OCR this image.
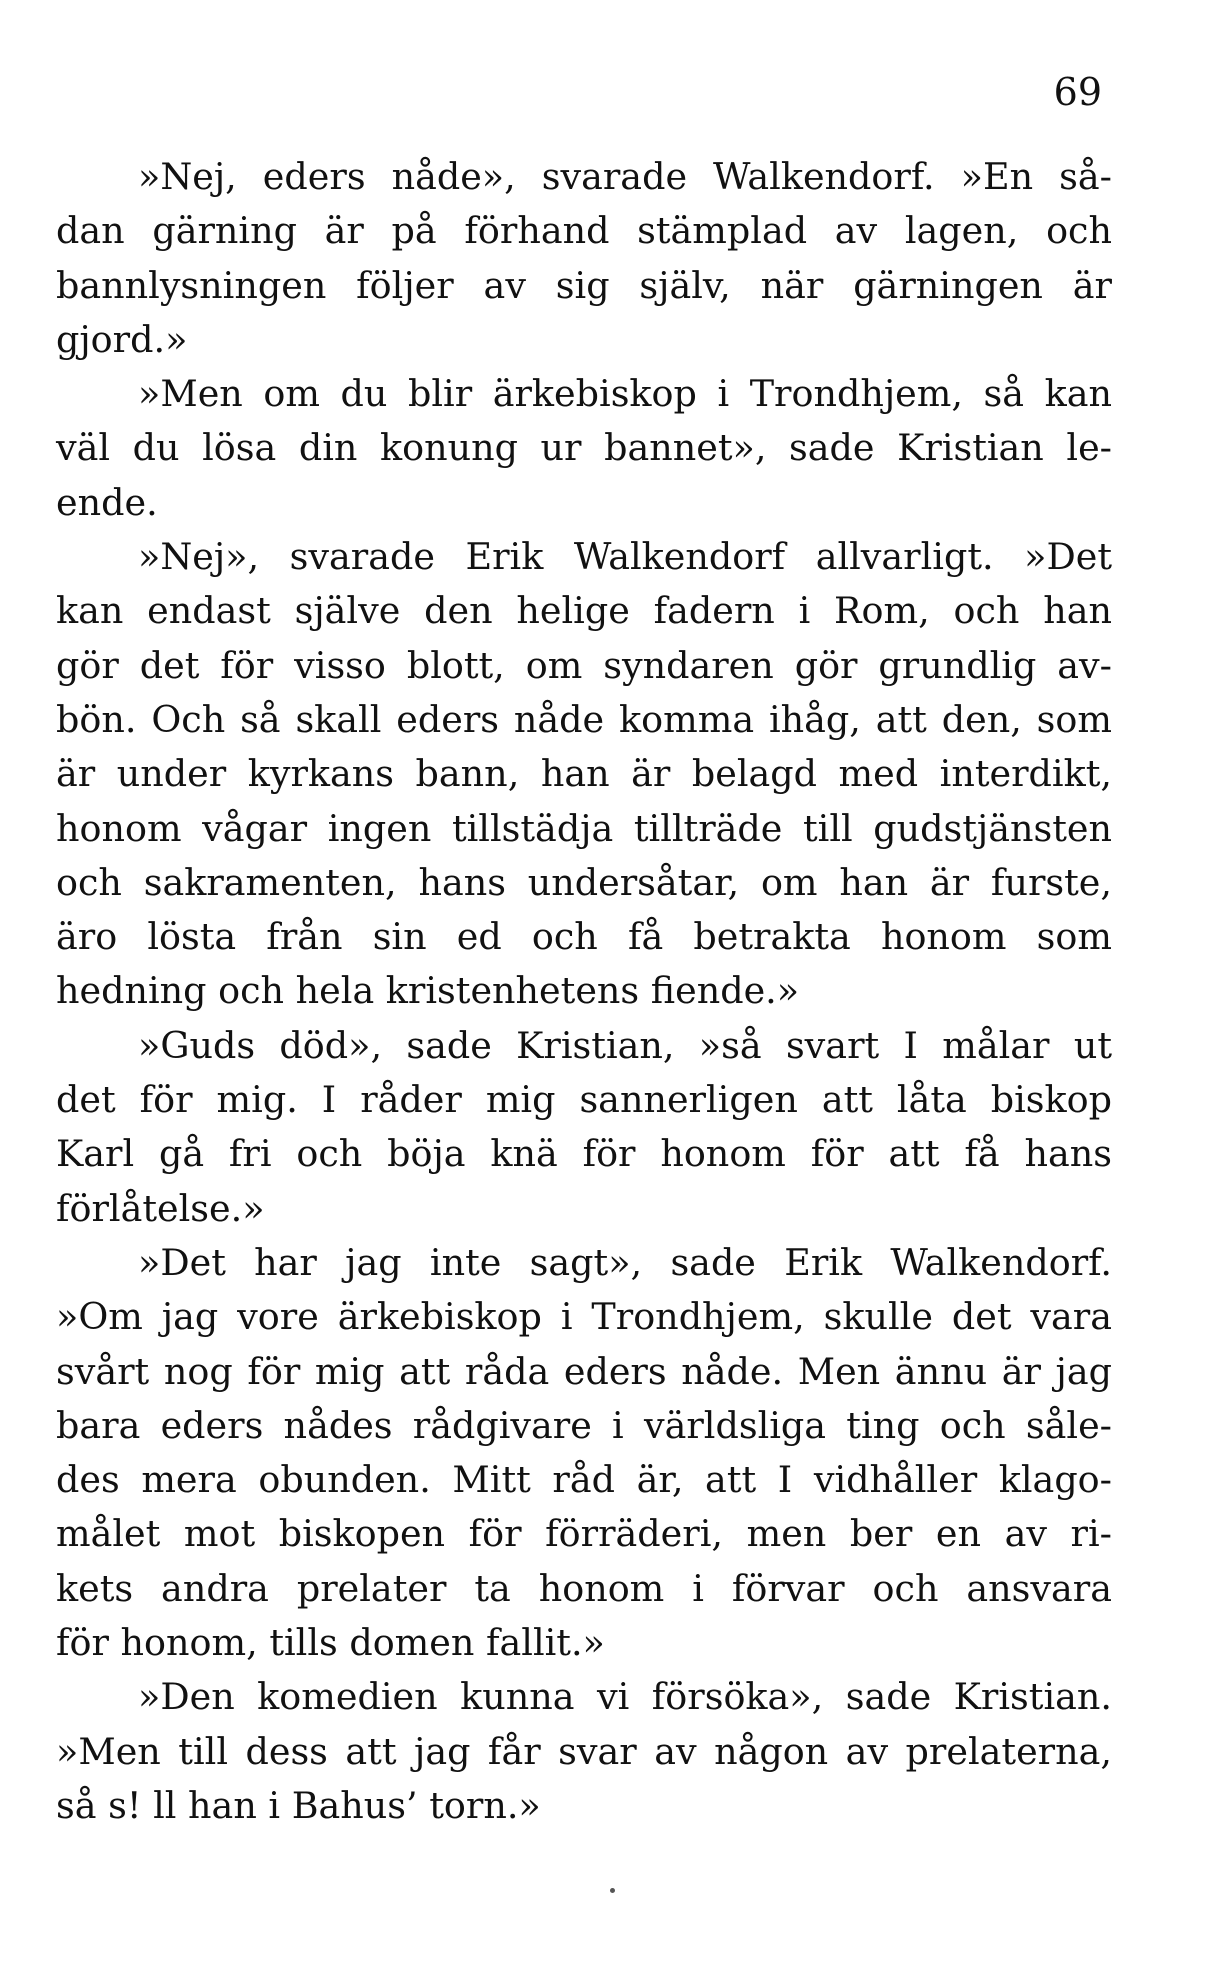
69
»Nej, eders nåde», svarade Walkendorf. »En så-
dan gärning är på förhand stämplad av lagen, och
bannlysningen följer av sig själv, när gärningen är
gjord.»
»Men om du blir ärkebiskop i Trondhjem, så kan
väl du lösa din konung ur bannet», sade Kristian le-
ende.
»Nej», svarade Erik Walkendorf allvarligt. »Det
kan endast själve den helige fadern i Rom, och han
gör det för visso blott, om syndaren gör grundlig av-
bön. Och så skall eders nåde komma ihåg, att den, som
är under kyrkans bann, han är belagd med interdikt,
honom vågar ingen tillstädja tillträde till gudstjänsten
och sakramenten, hans undersåtar, om han är furste,
äro lösta från sin ed och få betrakta honom som
hedning och hela kristenhetens fiende.»
»Guds död», sade Kristian, »så svart I målar ut
det för mig. I råder mig sannerligen att låta biskop
Karl gå fri och böja knä för honom för att få hans
förlåtelse.»
»Det har jag inte sagt», sade Erik Walkendorf.
»Om jag vore ärkebiskop i Trondhjem, skulle det vara
svårt nog för mig att råda eders nåde. Men ännu är jag
bara eders nådes rådgivare i världsliga ting och såle-
des mera obunden. Mitt råd är, att I vidhåller klago-
målet mot biskopen för förräderi, men ber en av ri-
kets andra prelater ta honom i förvar och ansvara
för honom, tills domen fallit.»
»Den komedien kunna vi försöka», sade Kristian.
»Men till dess att jag får svar av någon av prelaterna,
så s! ll han i Bahus’ torn.»
